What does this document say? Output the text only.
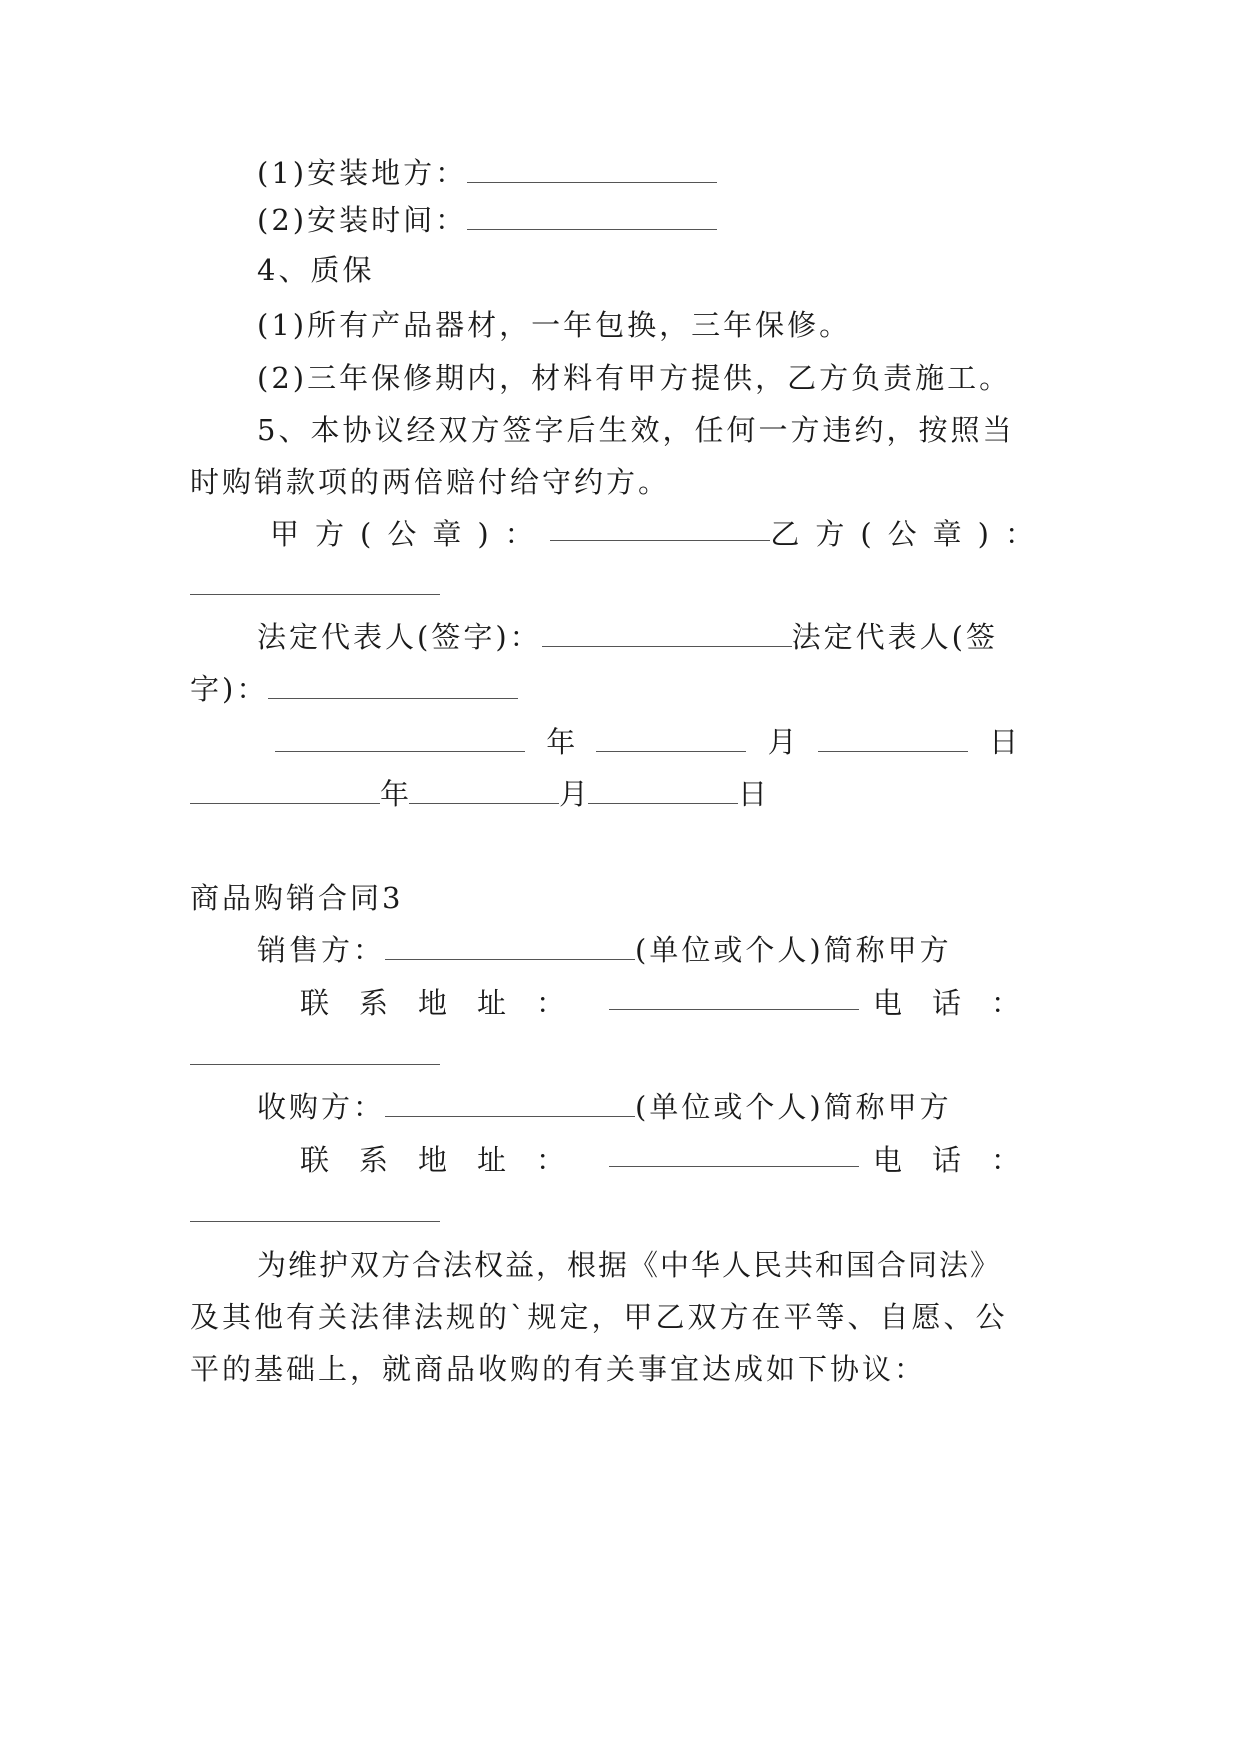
(1)安装地方：
(2)安装时间：
4、质保
(1)所有产品器材，一年包换，三年保修。
(2)三年保修期内，材料有甲方提供，乙方负责施工。
5、本协议经双方签字后生效，任何一方违约，按照当
时购销款项的两倍赔付给守约方。
甲方(公章)：	乙方(公章)：
法定代表人(签字)：	法定代表人(签
字)：
年	月	日
年	月	日
商品购销合同3
销售方：	(单位或个人)简称甲方
联系地址：	电话：
收购方：	(单位或个人)简称甲方
联系地址：	电话：
为维护双方合法权益，根据《中华人民共和国合同法》
及其他有关法律法规的`规定，甲乙双方在平等、自愿、公
平的基础上，就商品收购的有关事宜达成如下协议：
